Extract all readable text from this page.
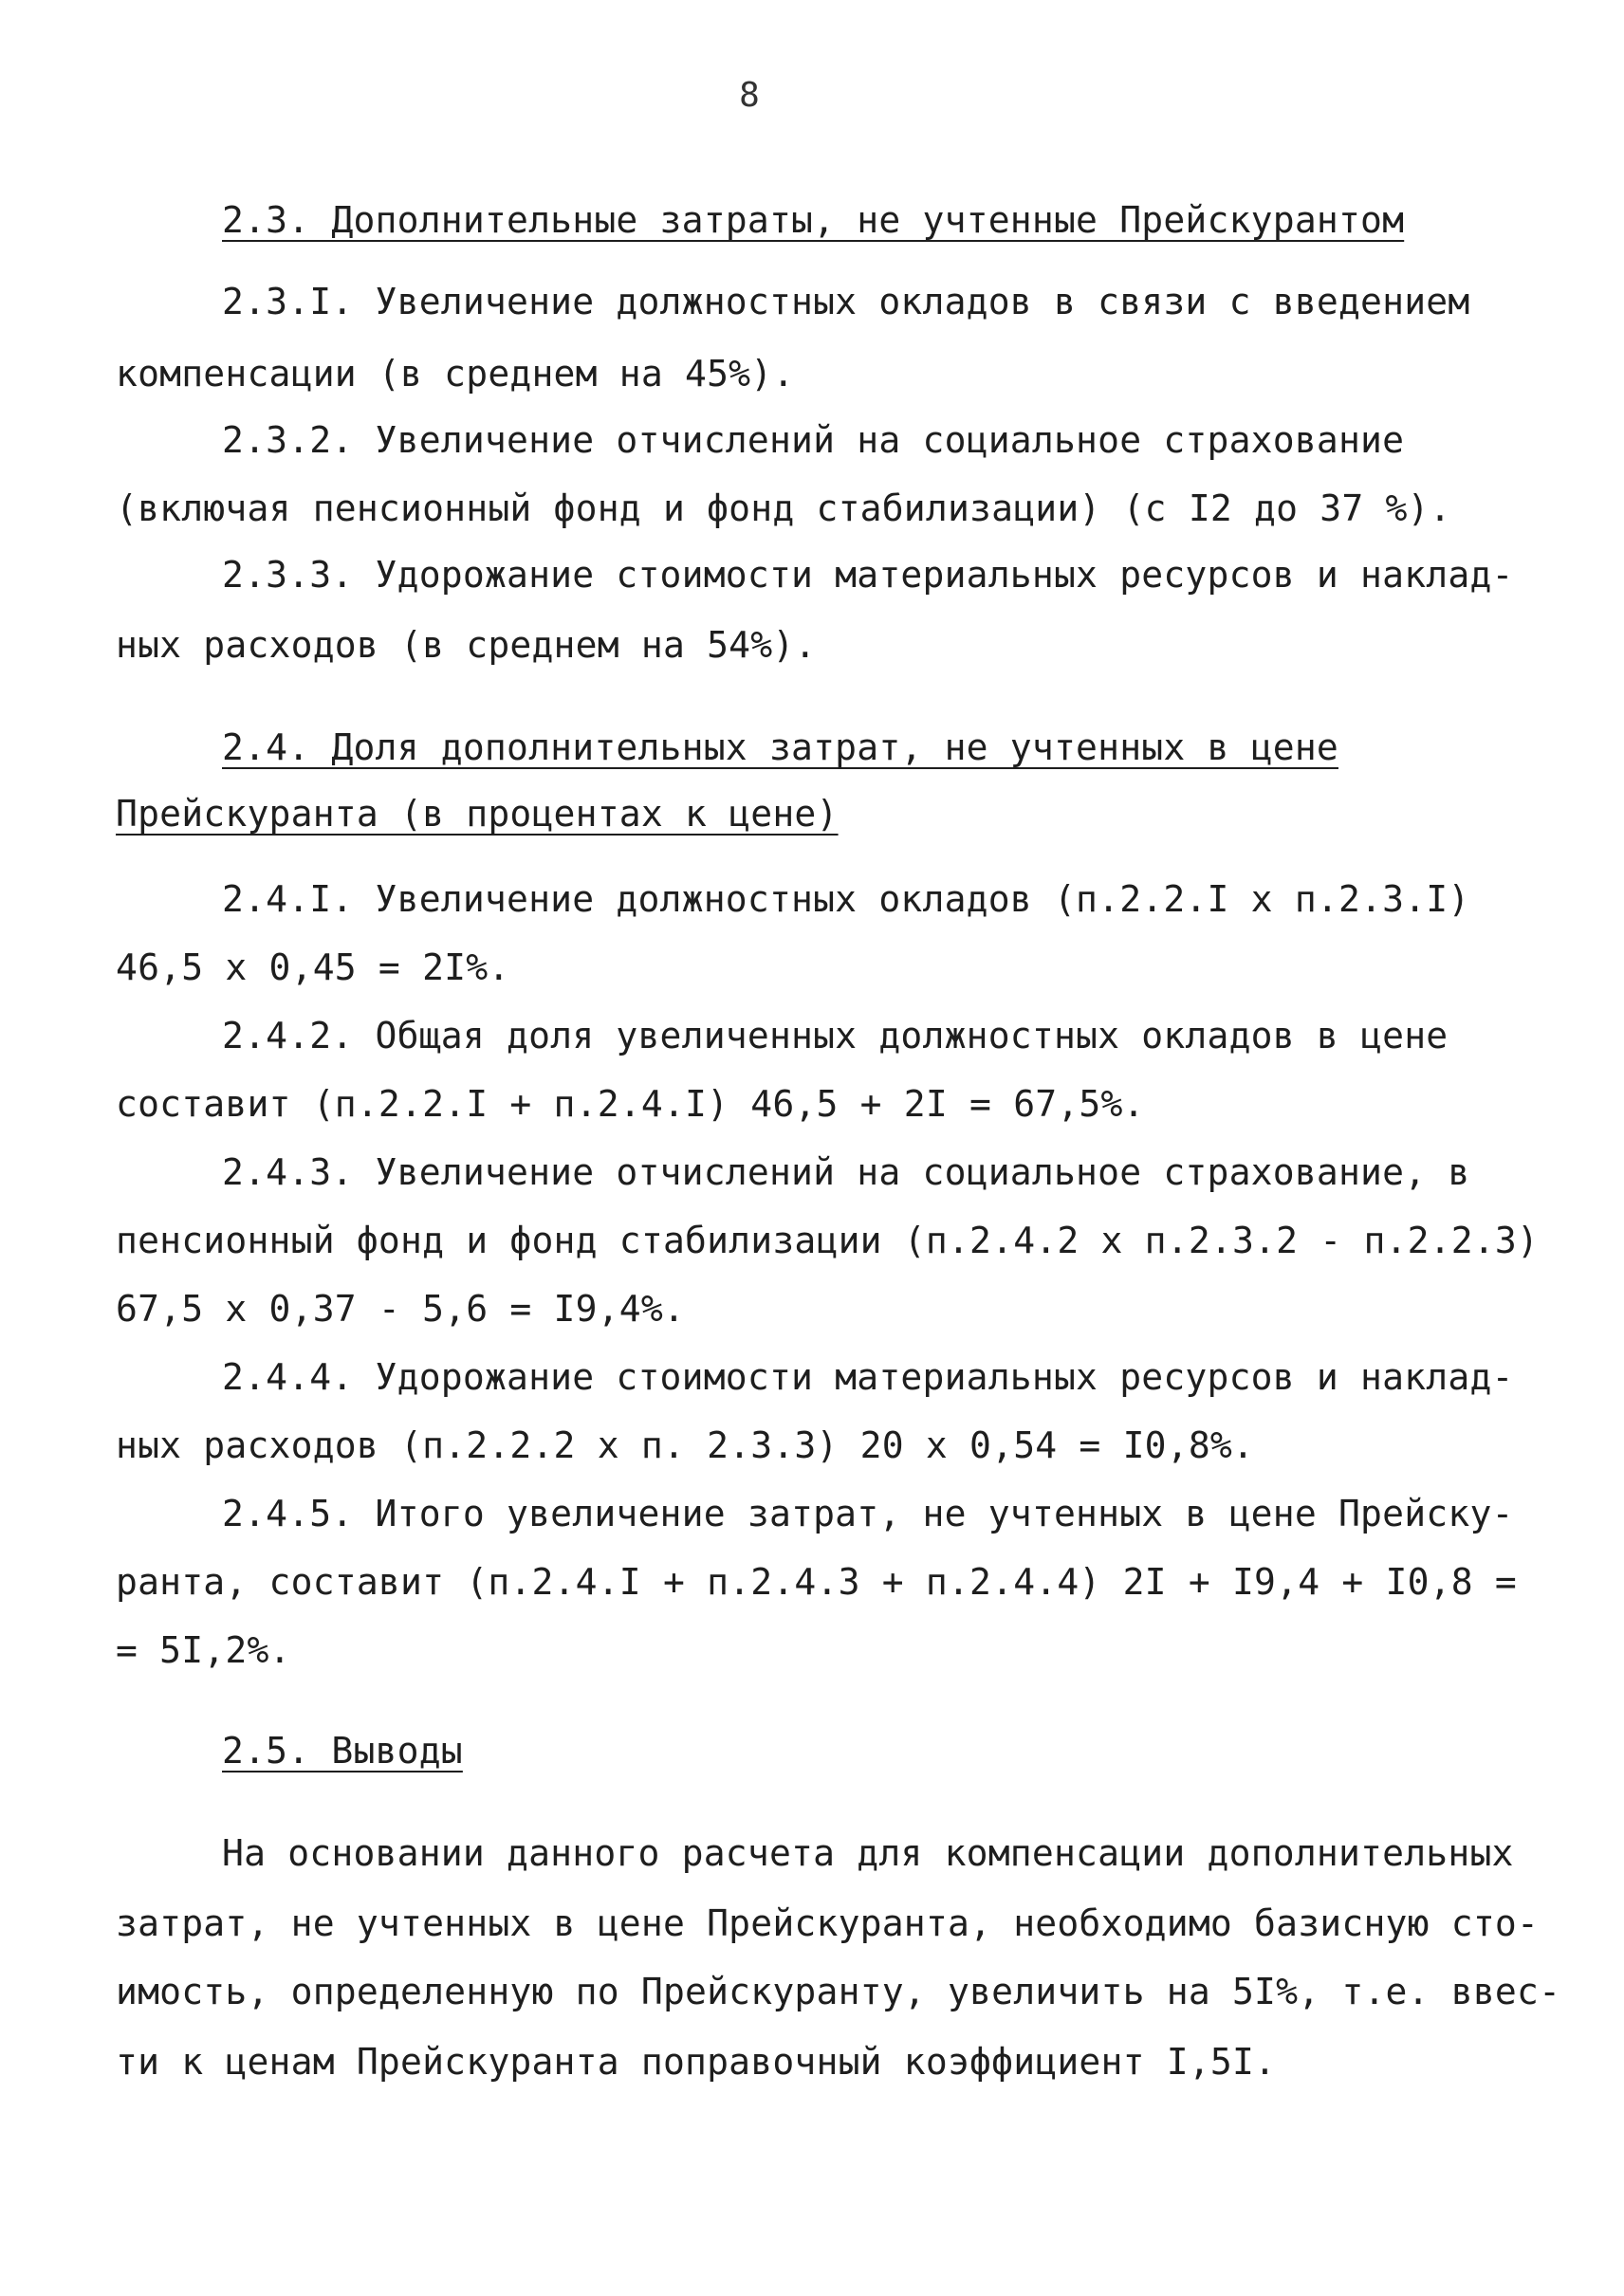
8
2.3. Дополнительные затраты, не учтенные Прейскурантом
2.3.I. Увеличение должностных окладов в связи с введением
компенсации (в среднем на 45%).
2.3.2. Увеличение отчислений на социальное страхование
(включая пенсионный фонд и фонд стабилизации) (с I2 до 37 %).
2.3.3. Удорожание стоимости материальных ресурсов и наклад-
ных расходов (в среднем на 54%).
2.4. Доля дополнительных затрат, не учтенных в цене
Прейскуранта (в процентах к цене)
2.4.I. Увеличение должностных окладов (п.2.2.I x п.2.3.I)
46,5 x 0,45 = 2I%.
2.4.2. Общая доля увеличенных должностных окладов в цене
составит (п.2.2.I + п.2.4.I) 46,5 + 2I = 67,5%.
2.4.3. Увеличение отчислений на социальное страхование, в
пенсионный фонд и фонд стабилизации (п.2.4.2 x п.2.3.2 - п.2.2.3)
67,5 x 0,37 - 5,6 = I9,4%.
2.4.4. Удорожание стоимости материальных ресурсов и наклад-
ных расходов (п.2.2.2 x п. 2.3.3) 20 x 0,54 = I0,8%.
2.4.5. Итого увеличение затрат, не учтенных в цене Прейску-
ранта, составит (п.2.4.I + п.2.4.3 + п.2.4.4) 2I + I9,4 + I0,8 =
= 5I,2%.
2.5. Выводы
На основании данного расчета для компенсации дополнительных
затрат, не учтенных в цене Прейскуранта, необходимо базисную сто-
имость, определенную по Прейскуранту, увеличить на 5I%, т.е. ввес-
ти к ценам Прейскуранта поправочный коэффициент I,5I.
